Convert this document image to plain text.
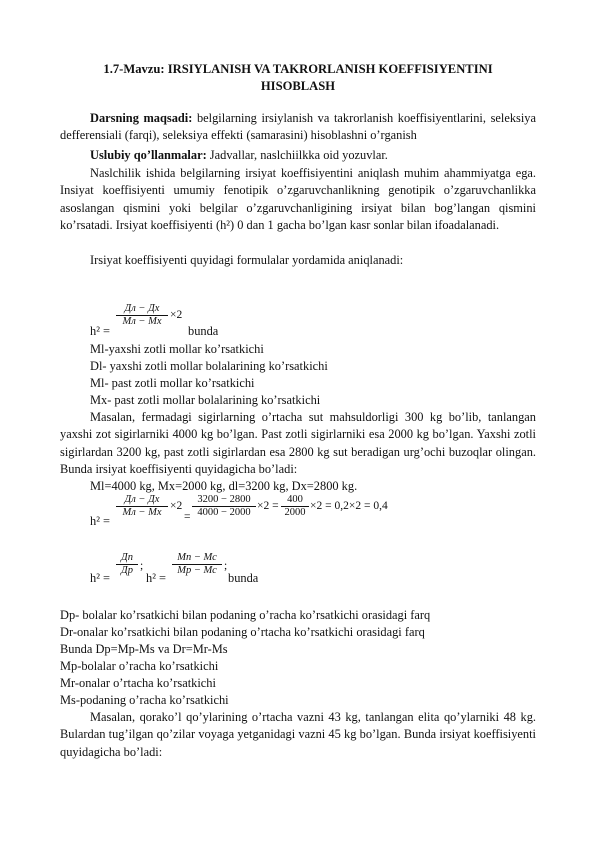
1.7-Mavzu: IRSIYLANISH VA TAKRORLANISH KOEFFISIYENTINI
HISOBLASH
Darsning maqsadi: belgilarning irsiylanish va takrorlanish koeffisiyentlarini, seleksiya defferensiali (farqi), seleksiya effekti (samarasini) hisoblashni o’rganish
Uslubiy qo’llanmalar: Jadvallar, naslchiilkka oid yozuvlar.
Naslchilik ishida belgilarning irsiyat koeffisiyentini aniqlash muhim ahammiyatga ega. Insiyat koeffisiyenti umumiy fenotipik o’zgaruvchanlikning genotipik o’zgaruvchanlikka asoslangan qismini yoki belgilar o’zgaruvchanligining irsiyat bilan bog’langan qismini ko’rsatadi. Irsiyat koeffisiyenti (h²) 0 dan 1 gacha bo’lgan kasr sonlar bilan ifoadalanadi.
Irsiyat koeffisiyenti quyidagi formulalar yordamida aniqlanadi:
h² =
Дл − Дх
Мл − Мх
×2
bunda
Ml-yaxshi zotli mollar ko’rsatkichi
Dl- yaxshi zotli mollar bolalarining ko’rsatkichi
Ml- past zotli mollar ko’rsatkichi
Mx- past zotli mollar bolalarining ko’rsatkichi
Masalan, fermadagi sigirlarning o’rtacha sut mahsuldorligi 300 kg bo’lib, tanlangan yaxshi zot sigirlarniki 4000 kg bo’lgan. Past zotli sigirlarniki esa 2000 kg bo’lgan. Yaxshi zotli sigirlardan 3200 kg, past zotli sigirlardan esa 2800 kg sut beradigan urg’ochi buzoqlar olingan. Bunda irsiyat koeffisiyenti quyidagicha bo’ladi:
Ml=4000 kg, Mx=2000 kg, dl=3200 kg, Dx=2800 kg.
h² =
Дл − Дх
Мл − Мх
×2
= $\frac{3200 - 2800}{4000 - 2000} \times 2 = \frac{400}{2000} \times 2 = 0,2\times 2 = 0,4$
h² =
Дп
Др ;
h² =
Мп − Мс
Мр − Мс ;
bunda
Dp- bolalar ko’rsatkichi bilan podaning o’racha ko’rsatkichi orasidagi farq
Dr-onalar ko’rsatkichi bilan podaning o’rtacha ko’rsatkichi orasidagi farq
Bunda Dp=Mp-Ms va Dr=Mr-Ms
Mp-bolalar o’racha ko’rsatkichi
Mr-onalar o’rtacha ko’rsatkichi
Ms-podaning o’racha ko’rsatkichi
Masalan, qorako’l qo’ylarining o’rtacha vazni 43 kg, tanlangan elita qo’ylarniki 48 kg. Bulardan tug’ilgan qo’zilar voyaga yetganidagi vazni 45 kg bo’lgan. Bunda irsiyat koeffisiyenti quyidagicha bo’ladi:
